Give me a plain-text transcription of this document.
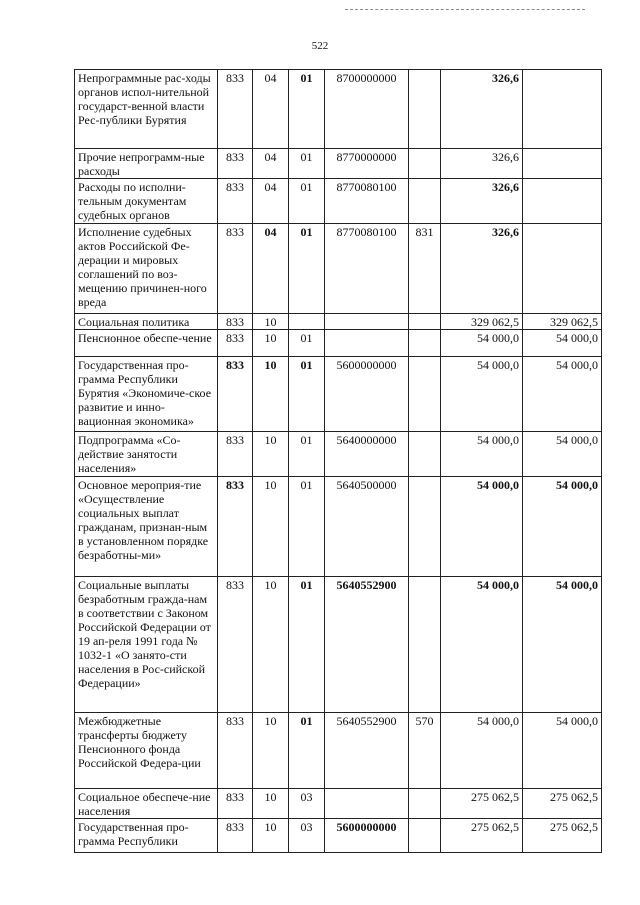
522
Непрограммные рас-ходы органов испол-нительной государст-венной власти Рес-публики Бурятия	833	04	01	8700000000		326,6	
Прочие непрограмм-ные расходы	833	04	01	8770000000		326,6	
Расходы по исполни-тельным документам судебных органов	833	04	01	8770080100		326,6	
Исполнение судебных актов Российской Фе-дерации и мировых соглашений по воз-мещению причинен-ного вреда	833	04	01	8770080100	831	326,6	
Социальная политика	833	10				329 062,5	329 062,5
Пенсионное обеспе-чение	833	10	01			54 000,0	54 000,0
Государственная про-грамма Республики Бурятия «Экономиче-ское развитие и инно-вационная экономика»	833	10	01	5600000000		54 000,0	54 000,0
Подпрограмма «Со-действие занятости населения»	833	10	01	5640000000		54 000,0	54 000,0
Основное мероприя-тие «Осуществление социальных выплат гражданам, признан-ным в установленном порядке безработны-ми»	833	10	01	5640500000		54 000,0	54 000,0
Социальные выплаты безработным гражда-нам в соответствии с Законом Российской Федерации от 19 ап-реля 1991 года № 1032-1 «О занято-сти населения в Рос-сийской Федерации»	833	10	01	5640552900		54 000,0	54 000,0
Межбюджетные трансферты бюджету Пенсионного фонда Российской Федера-ции	833	10	01	5640552900	570	54 000,0	54 000,0
Социальное обеспече-ние населения	833	10	03			275 062,5	275 062,5
Государственная про-грамма Республики	833	10	03	5600000000		275 062,5	275 062,5
